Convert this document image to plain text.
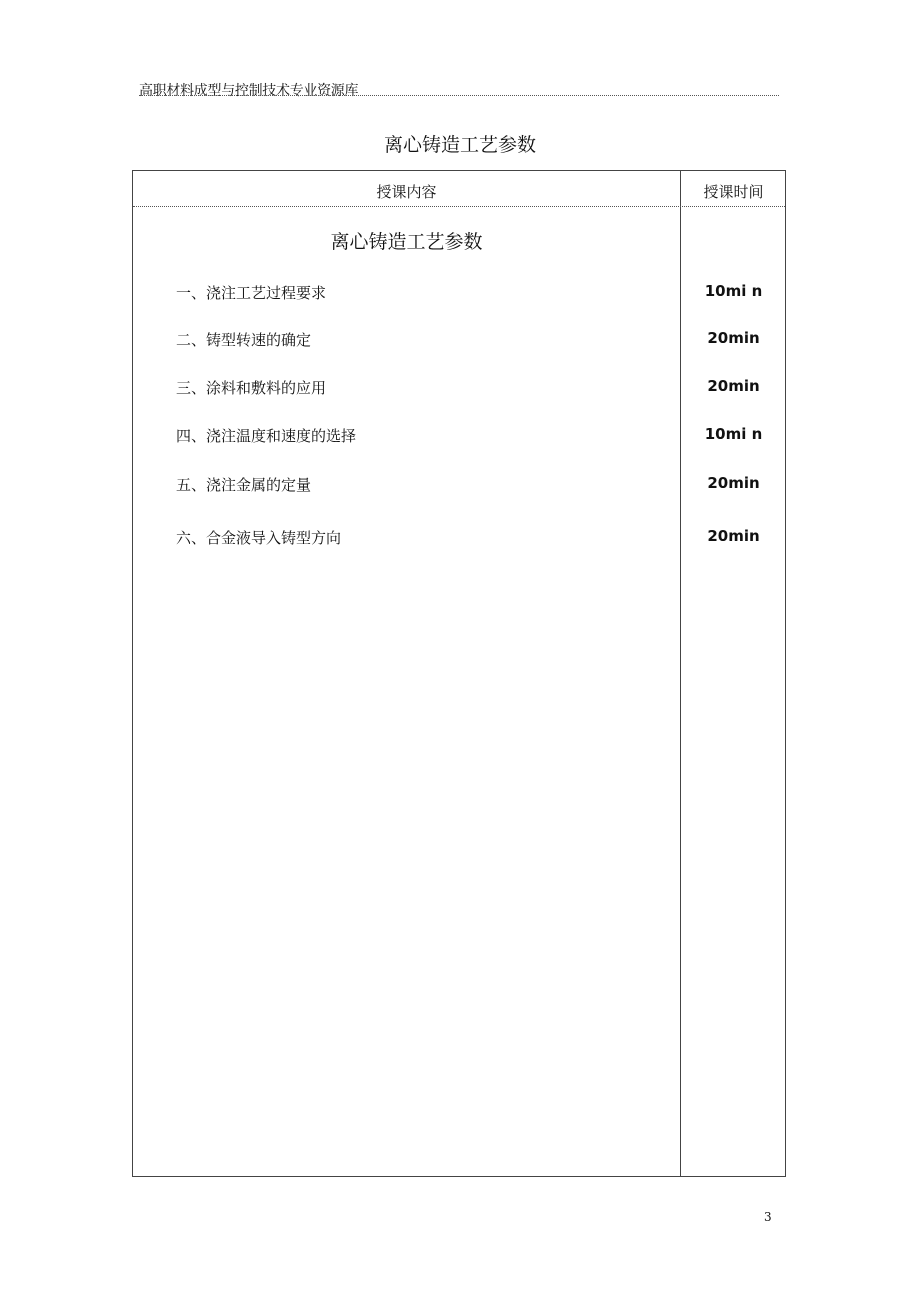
高职材料成型与控制技术专业资源库
离心铸造工艺参数
授课内容	授课时间
离心铸造工艺参数
一、浇注工艺过程要求	10mi n
二、铸型转速的确定	20min
三、涂料和敷料的应用	20min
四、浇注温度和速度的选择	10mi n
五、浇注金属的定量	20min
六、合金液导入铸型方向	20min
3
